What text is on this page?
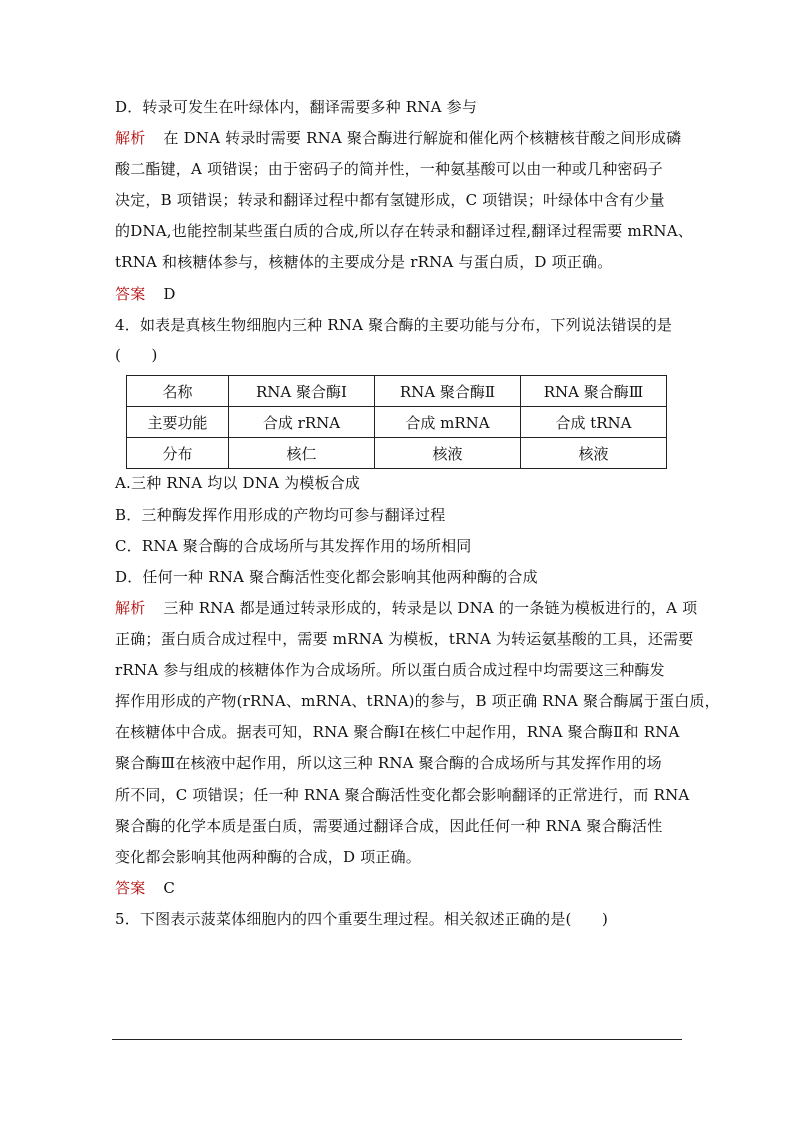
D．转录可发生在叶绿体内，翻译需要多种 RNA 参与
解析 在 DNA 转录时需要 RNA 聚合酶进行解旋和催化两个核糖核苷酸之间形成磷
酸二酯键，A 项错误；由于密码子的简并性，一种氨基酸可以由一种或几种密码子
决定，B 项错误；转录和翻译过程中都有氢键形成，C 项错误；叶绿体中含有少量
的DNA,也能控制某些蛋白质的合成,所以存在转录和翻译过程,翻译过程需要 mRNA、
tRNA 和核糖体参与，核糖体的主要成分是 rRNA 与蛋白质，D 项正确。
答案 D
4．如表是真核生物细胞内三种 RNA 聚合酶的主要功能与分布，下列说法错误的是
(　　)
名称	RNA 聚合酶Ⅰ	RNA 聚合酶Ⅱ	RNA 聚合酶Ⅲ
主要功能	合成 rRNA	合成 mRNA	合成 tRNA
分布	核仁	核液	核液
A.三种 RNA 均以 DNA 为模板合成
B．三种酶发挥作用形成的产物均可参与翻译过程
C．RNA 聚合酶的合成场所与其发挥作用的场所相同
D．任何一种 RNA 聚合酶活性变化都会影响其他两种酶的合成
解析 三种 RNA 都是通过转录形成的，转录是以 DNA 的一条链为模板进行的，A 项
正确；蛋白质合成过程中，需要 mRNA 为模板，tRNA 为转运氨基酸的工具，还需要
rRNA 参与组成的核糖体作为合成场所。所以蛋白质合成过程中均需要这三种酶发
挥作用形成的产物(rRNA、mRNA、tRNA)的参与，B 项正确 RNA 聚合酶属于蛋白质，
在核糖体中合成。据表可知，RNA 聚合酶Ⅰ在核仁中起作用，RNA 聚合酶Ⅱ和 RNA
聚合酶Ⅲ在核液中起作用，所以这三种 RNA 聚合酶的合成场所与其发挥作用的场
所不同，C 项错误；任一种 RNA 聚合酶活性变化都会影响翻译的正常进行，而 RNA
聚合酶的化学本质是蛋白质，需要通过翻译合成，因此任何一种 RNA 聚合酶活性
变化都会影响其他两种酶的合成，D 项正确。
答案 C
5．下图表示菠菜体细胞内的四个重要生理过程。相关叙述正确的是(　　)
